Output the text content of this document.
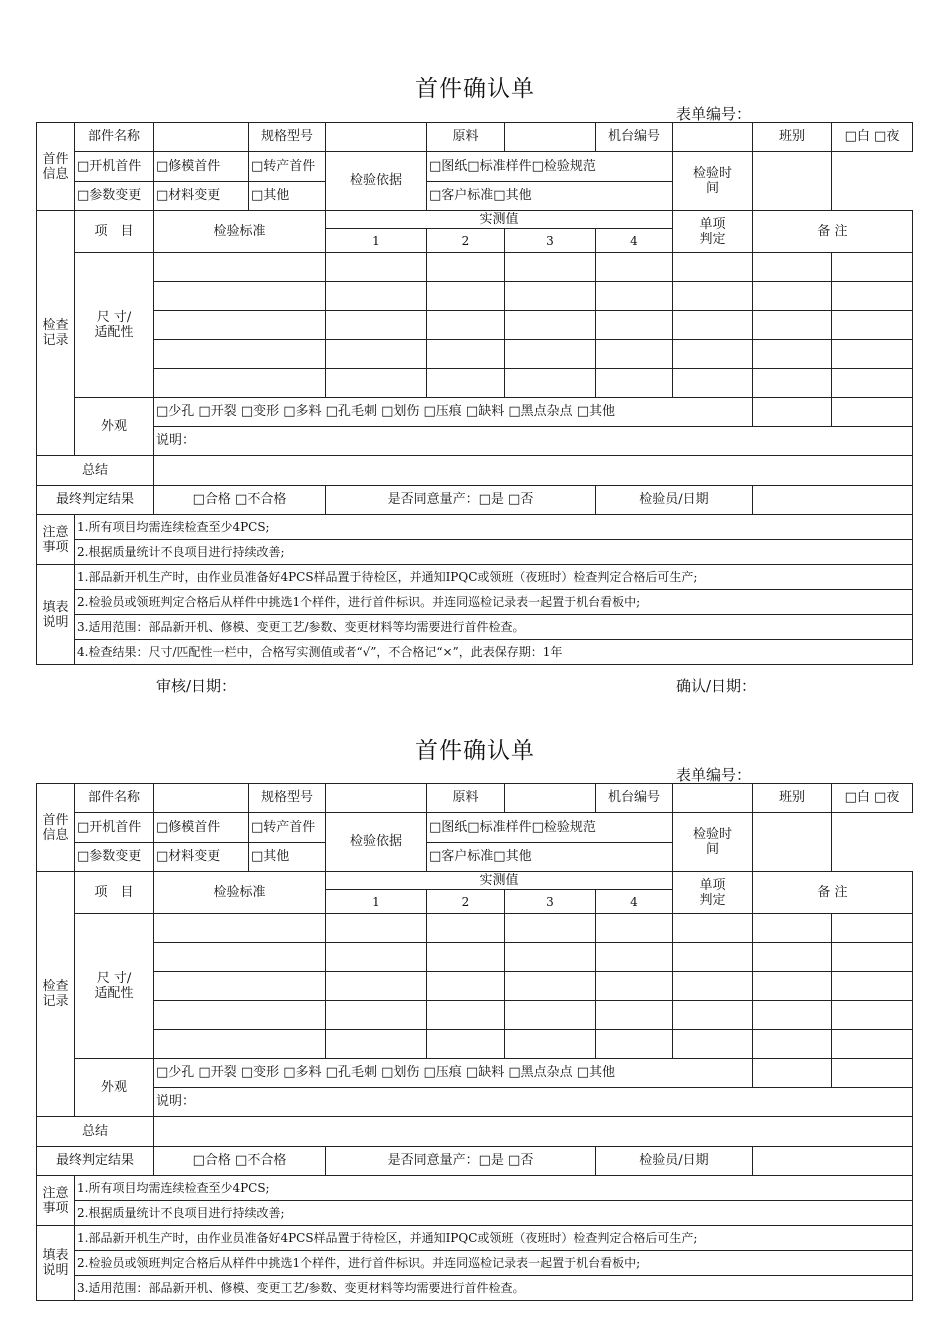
首件确认单
表单编号：
首件信息	部件名称		规格型号		原料		机台编号		班别	□白 □夜
	□开机首件	□修模首件	□转产首件	检验依据	□图纸□标准样件□检验规范			检验时间		

	□参数变更	□材料变更	□其他		□客户标准□其他					

检查记录	项　目	检验标准		实测值				单项判定	备 注	
				1	2	3	4			

	尺 寸/适配性									

	外观	□少孔 □开裂 □变形 □多料 □孔毛刺 □划伤 □压痕 □缺料 □黑点杂点 □其他								
		说明：								
总结										
最终判定结果		□合格 □不合格		是否同意量产：□是 □否			检验员/日期			

注意事项	1.所有项目均需连续检查至少4PCS;									
	2.根据质量统计不良项目进行持续改善;									

填表说明	1.部品新开机生产时，由作业员准备好4PCS样品置于待检区，并通知IPQC或领班（夜班时）检查判定合格后可生产;									
	2.检验员或领班判定合格后从样件中挑选1个样件，进行首件标识。并连同巡检记录表一起置于机台看板中;									
	3.适用范围：部品新开机、修模、变更工艺/参数、变更材料等均需要进行首件检查。									
	4.检查结果：尺寸/匹配性一栏中，合格写实测值或者“√”，不合格记“×”，此表保存期：1年									
审核/日期：	确认/日期：
首件确认单
表单编号：
首件信息	部件名称		规格型号		原料		机台编号		班别	□白 □夜
	□开机首件	□修模首件	□转产首件	检验依据	□图纸□标准样件□检验规范			检验时间		

	□参数变更	□材料变更	□其他		□客户标准□其他					

检查记录	项　目	检验标准		实测值				单项判定	备 注	
				1	2	3	4			

	尺 寸/适配性									

	外观	□少孔 □开裂 □变形 □多料 □孔毛刺 □划伤 □压痕 □缺料 □黑点杂点 □其他								
		说明：								
总结										
最终判定结果		□合格 □不合格		是否同意量产：□是 □否			检验员/日期			

注意事项	1.所有项目均需连续检查至少4PCS;									
	2.根据质量统计不良项目进行持续改善;									

填表说明	1.部品新开机生产时，由作业员准备好4PCS样品置于待检区，并通知IPQC或领班（夜班时）检查判定合格后可生产;									
	2.检验员或领班判定合格后从样件中挑选1个样件，进行首件标识。并连同巡检记录表一起置于机台看板中;									
	3.适用范围：部品新开机、修模、变更工艺/参数、变更材料等均需要进行首件检查。									
